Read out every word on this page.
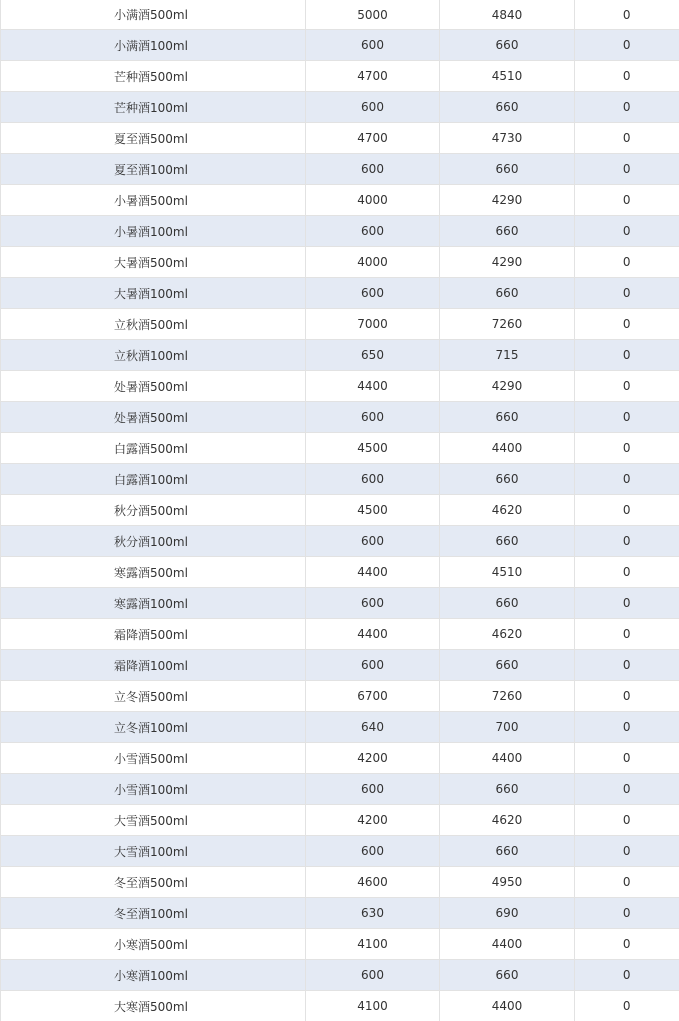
小满酒500ml	5000	4840	0
小满酒100ml	600	660	0
芒种酒500ml	4700	4510	0
芒种酒100ml	600	660	0
夏至酒500ml	4700	4730	0
夏至酒100ml	600	660	0
小暑酒500ml	4000	4290	0
小暑酒100ml	600	660	0
大暑酒500ml	4000	4290	0
大暑酒100ml	600	660	0
立秋酒500ml	7000	7260	0
立秋酒100ml	650	715	0
处暑酒500ml	4400	4290	0
处暑酒500ml	600	660	0
白露酒500ml	4500	4400	0
白露酒100ml	600	660	0
秋分酒500ml	4500	4620	0
秋分酒100ml	600	660	0
寒露酒500ml	4400	4510	0
寒露酒100ml	600	660	0
霜降酒500ml	4400	4620	0
霜降酒100ml	600	660	0
立冬酒500ml	6700	7260	0
立冬酒100ml	640	700	0
小雪酒500ml	4200	4400	0
小雪酒100ml	600	660	0
大雪酒500ml	4200	4620	0
大雪酒100ml	600	660	0
冬至酒500ml	4600	4950	0
冬至酒100ml	630	690	0
小寒酒500ml	4100	4400	0
小寒酒100ml	600	660	0
大寒酒500ml	4100	4400	0
